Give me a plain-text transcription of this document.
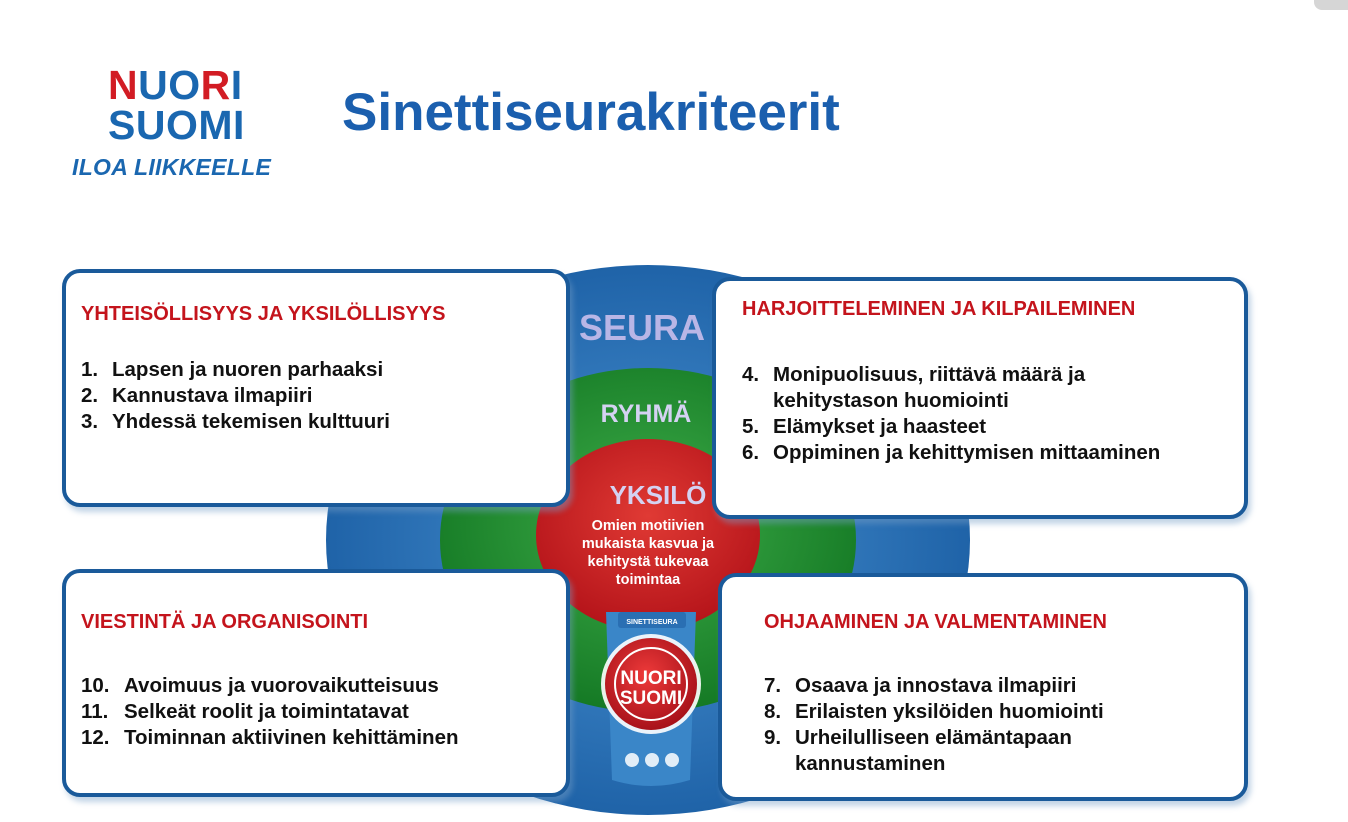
NUORI
SUOMI
ILOA LIIKKEELLE
Sinettiseurakriteerit
SEURA
RYHMÄ
YKSILÖ
Omien motiivien
mukaista kasvua ja
kehitystä tukevaa
toimintaa
SINETTISEURA
NUORI
SUOMI
YHTEISÖLLISYYS JA YKSILÖLLISYYS
1. Lapsen ja nuoren parhaaksi
2. Kannustava ilmapiiri
3. Yhdessä tekemisen kulttuuri
HARJOITTELEMINEN JA KILPAILEMINEN
4. Monipuolisuus, riittävä määrä ja
kehitystason huomiointi
5. Elämykset ja haasteet
6. Oppiminen ja kehittymisen mittaaminen
VIESTINTÄ JA ORGANISOINTI
10. Avoimuus ja vuorovaikutteisuus
11. Selkeät roolit ja toimintatavat
12. Toiminnan aktiivinen kehittäminen
OHJAAMINEN JA VALMENTAMINEN
7. Osaava ja innostava ilmapiiri
8. Erilaisten yksilöiden huomiointi
9. Urheilulliseen elämäntapaan
kannustaminen
